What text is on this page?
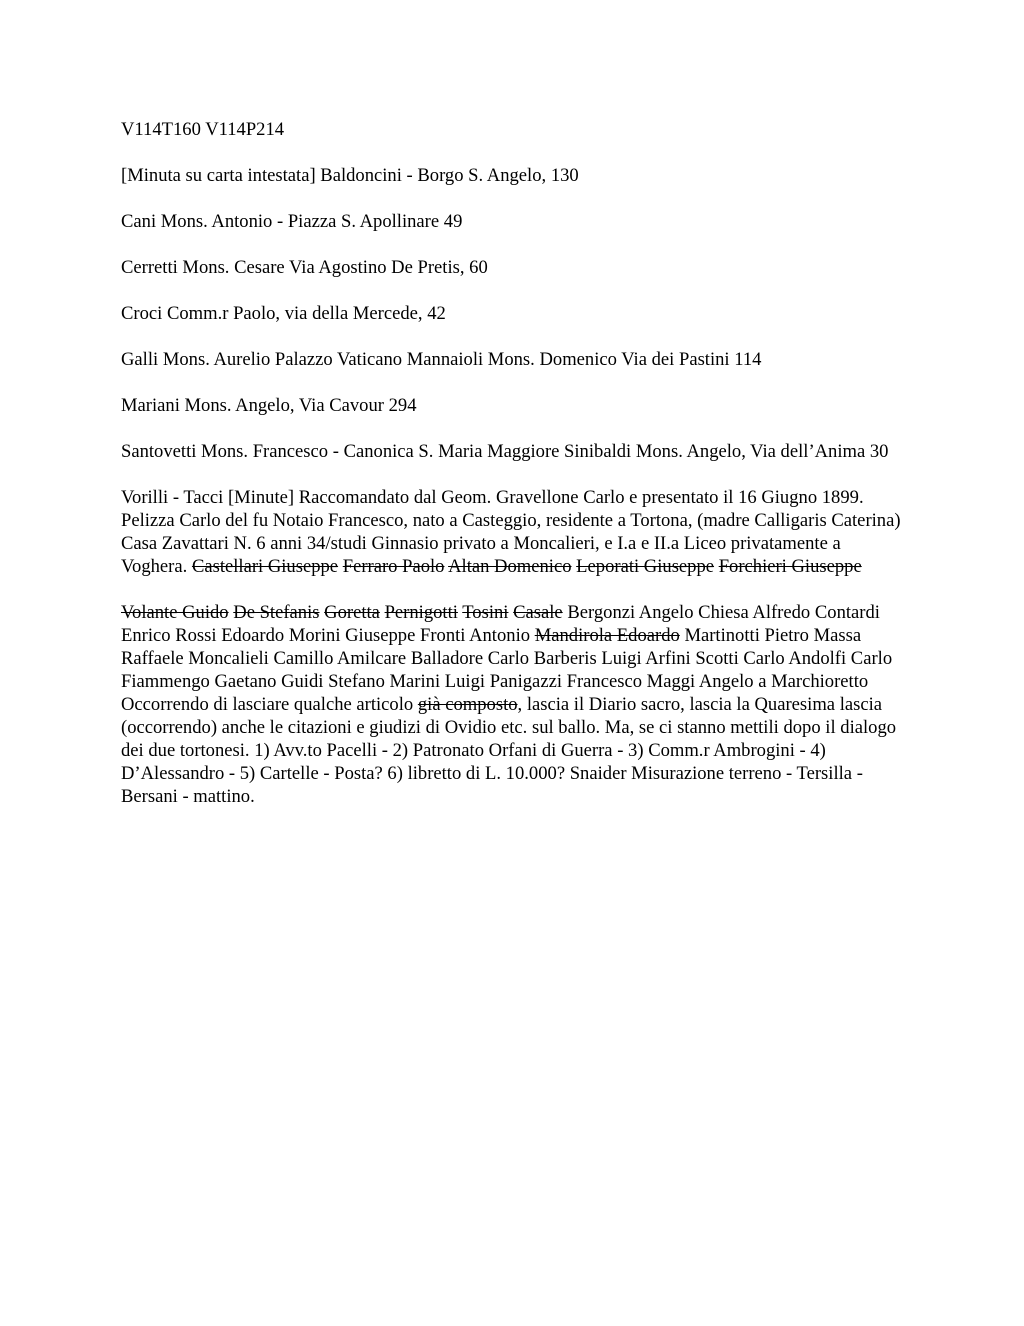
V114T160 V114P214

[Minuta su carta intestata] Baldoncini - Borgo S. Angelo, 130

Cani Mons. Antonio - Piazza S. Apollinare 49

Cerretti Mons. Cesare Via Agostino De Pretis, 60

Croci Comm.r Paolo, via della Mercede, 42

Galli Mons. Aurelio Palazzo Vaticano Mannaioli Mons. Domenico Via dei Pastini 114

Mariani Mons. Angelo, Via Cavour 294

Santovetti Mons. Francesco - Canonica S. Maria Maggiore Sinibaldi Mons. Angelo, Via dell’Anima 30

Vorilli - Tacci [Minute] Raccomandato dal Geom. Gravellone Carlo e presentato il 16 Giugno 1899. Pelizza Carlo del fu Notaio Francesco, nato a Casteggio, residente a Tortona, (madre Calligaris Caterina) Casa Zavattari N. 6 anni 34/studi Ginnasio privato a Moncalieri, e I.a e II.a Liceo privatamente a Voghera. Castellari Giuseppe Ferraro Paolo Altan Domenico Leporati Giuseppe Forchieri Giuseppe

Volante Guido De Stefanis Goretta Pernigotti Tosini Casale Bergonzi Angelo Chiesa Alfredo Contardi Enrico Rossi Edoardo Morini Giuseppe Fronti Antonio Mandirola Edoardo Martinotti Pietro Massa Raffaele Moncalieli Camillo Amilcare Balladore Carlo Barberis Luigi Arfini Scotti Carlo Andolfi Carlo Fiammengo Gaetano Guidi Stefano Marini Luigi Panigazzi Francesco Maggi Angelo a Marchioretto Occorrendo di lasciare qualche articolo già composto, lascia il Diario sacro, lascia la Quaresima lascia (occorrendo) anche le citazioni e giudizi di Ovidio etc. sul ballo. Ma, se ci stanno mettili dopo il dialogo dei due tortonesi. 1) Avv.to Pacelli - 2) Patronato Orfani di Guerra - 3) Comm.r Ambrogini - 4) D’Alessandro - 5) Cartelle - Posta? 6) libretto di L. 10.000? Snaider Misurazione terreno - Tersilla - Bersani - mattino.
